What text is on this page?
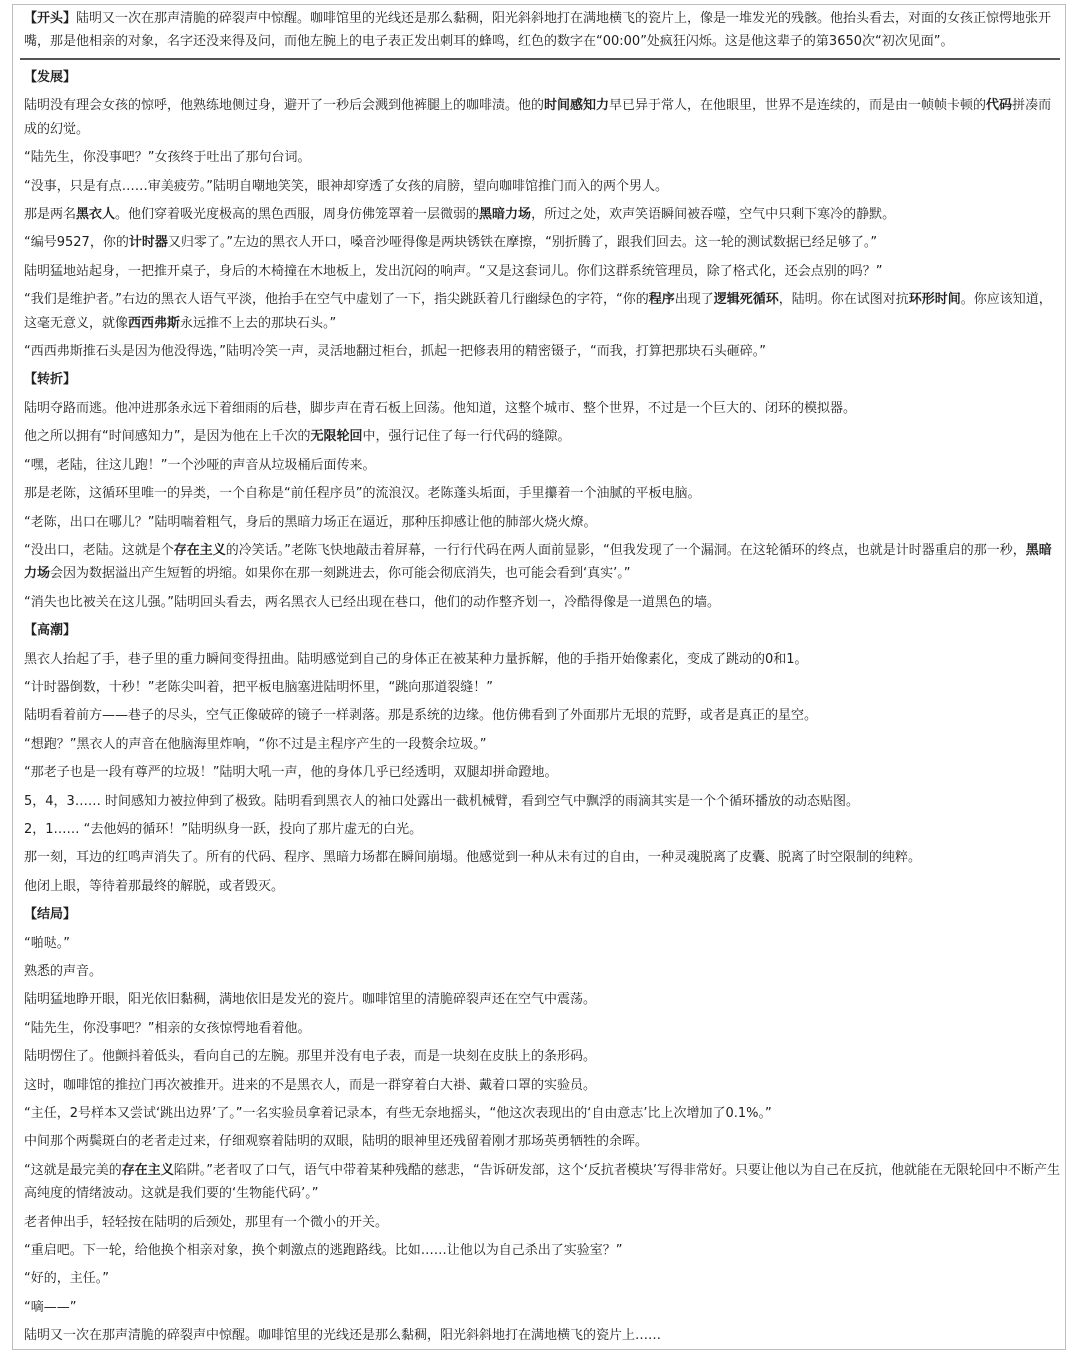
【开头】陆明又一次在那声清脆的碎裂声中惊醒。咖啡馆里的光线还是那么黏稠，阳光斜斜地打在满地横飞的瓷片上，像是一堆发光的残骸。他抬头看去，对面的女孩正惊愕地张开嘴，那是他相亲的对象，名字还没来得及问，而他左腕上的电子表正发出刺耳的蜂鸣，红色的数字在“00:00”处疯狂闪烁。这是他这辈子的第3650次“初次见面”。

【发展】

陆明没有理会女孩的惊呼，他熟练地侧过身，避开了一秒后会溅到他裤腿上的咖啡渍。他的时间感知力早已异于常人，在他眼里，世界不是连续的，而是由一帧帧卡顿的代码拼凑而成的幻觉。

“陆先生，你没事吧？”女孩终于吐出了那句台词。

“没事，只是有点……审美疲劳。”陆明自嘲地笑笑，眼神却穿透了女孩的肩膀，望向咖啡馆推门而入的两个男人。

那是两名黑衣人。他们穿着吸光度极高的黑色西服，周身仿佛笼罩着一层微弱的黑暗力场，所过之处，欢声笑语瞬间被吞噬，空气中只剩下寒冷的静默。

“编号9527，你的计时器又归零了。”左边的黑衣人开口，嗓音沙哑得像是两块锈铁在摩擦，“别折腾了，跟我们回去。这一轮的测试数据已经足够了。”

陆明猛地站起身，一把推开桌子，身后的木椅撞在木地板上，发出沉闷的响声。“又是这套词儿。你们这群系统管理员，除了格式化，还会点别的吗？”

“我们是维护者。”右边的黑衣人语气平淡，他抬手在空气中虚划了一下，指尖跳跃着几行幽绿色的字符，“你的程序出现了逻辑死循环，陆明。你在试图对抗环形时间。你应该知道，这毫无意义，就像西西弗斯永远推不上去的那块石头。”

“西西弗斯推石头是因为他没得选，”陆明冷笑一声，灵活地翻过柜台，抓起一把修表用的精密镊子，“而我，打算把那块石头砸碎。”

【转折】

陆明夺路而逃。他冲进那条永远下着细雨的后巷，脚步声在青石板上回荡。他知道，这整个城市、整个世界，不过是一个巨大的、闭环的模拟器。

他之所以拥有“时间感知力”，是因为他在上千次的无限轮回中，强行记住了每一行代码的缝隙。

“嘿，老陆，往这儿跑！”一个沙哑的声音从垃圾桶后面传来。

那是老陈，这循环里唯一的异类，一个自称是“前任程序员”的流浪汉。老陈蓬头垢面，手里攥着一个油腻的平板电脑。

“老陈，出口在哪儿？”陆明喘着粗气，身后的黑暗力场正在逼近，那种压抑感让他的肺部火烧火燎。

“没出口，老陆。这就是个存在主义的冷笑话。”老陈飞快地敲击着屏幕，一行行代码在两人面前显影，“但我发现了一个漏洞。在这轮循环的终点，也就是计时器重启的那一秒，黑暗力场会因为数据溢出产生短暂的坍缩。如果你在那一刻跳进去，你可能会彻底消失，也可能会看到‘真实’。”

“消失也比被关在这儿强。”陆明回头看去，两名黑衣人已经出现在巷口，他们的动作整齐划一，冷酷得像是一道黑色的墙。

【高潮】

黑衣人抬起了手，巷子里的重力瞬间变得扭曲。陆明感觉到自己的身体正在被某种力量拆解，他的手指开始像素化，变成了跳动的0和1。

“计时器倒数，十秒！”老陈尖叫着，把平板电脑塞进陆明怀里，“跳向那道裂缝！”

陆明看着前方——巷子的尽头，空气正像破碎的镜子一样剥落。那是系统的边缘。他仿佛看到了外面那片无垠的荒野，或者是真正的星空。

“想跑？”黑衣人的声音在他脑海里炸响，“你不过是主程序产生的一段赘余垃圾。”

“那老子也是一段有尊严的垃圾！”陆明大吼一声，他的身体几乎已经透明，双腿却拼命蹬地。

5，4，3…… 时间感知力被拉伸到了极致。陆明看到黑衣人的袖口处露出一截机械臂，看到空气中飘浮的雨滴其实是一个个循环播放的动态贴图。

2，1…… “去他妈的循环！”陆明纵身一跃，投向了那片虚无的白光。

那一刻，耳边的红鸣声消失了。所有的代码、程序、黑暗力场都在瞬间崩塌。他感觉到一种从未有过的自由，一种灵魂脱离了皮囊、脱离了时空限制的纯粹。

他闭上眼，等待着那最终的解脱，或者毁灭。

【结局】

“啪哒。”

熟悉的声音。

陆明猛地睁开眼，阳光依旧黏稠，满地依旧是发光的瓷片。咖啡馆里的清脆碎裂声还在空气中震荡。

“陆先生，你没事吧？”相亲的女孩惊愕地看着他。

陆明愣住了。他颤抖着低头，看向自己的左腕。那里并没有电子表，而是一块刻在皮肤上的条形码。

这时，咖啡馆的推拉门再次被推开。进来的不是黑衣人，而是一群穿着白大褂、戴着口罩的实验员。

“主任，2号样本又尝试‘跳出边界’了。”一名实验员拿着记录本，有些无奈地摇头，“他这次表现出的‘自由意志’比上次增加了0.1%。”

中间那个两鬓斑白的老者走过来，仔细观察着陆明的双眼，陆明的眼神里还残留着刚才那场英勇牺牲的余晖。

“这就是最完美的存在主义陷阱。”老者叹了口气，语气中带着某种残酷的慈悲，“告诉研发部，这个‘反抗者模块’写得非常好。只要让他以为自己在反抗，他就能在无限轮回中不断产生高纯度的情绪波动。这就是我们要的‘生物能代码’。”

老者伸出手，轻轻按在陆明的后颈处，那里有一个微小的开关。

“重启吧。下一轮，给他换个相亲对象，换个刺激点的逃跑路线。比如……让他以为自己杀出了实验室？”

“好的，主任。”

“嘀——”

陆明又一次在那声清脆的碎裂声中惊醒。咖啡馆里的光线还是那么黏稠，阳光斜斜地打在满地横飞的瓷片上……
